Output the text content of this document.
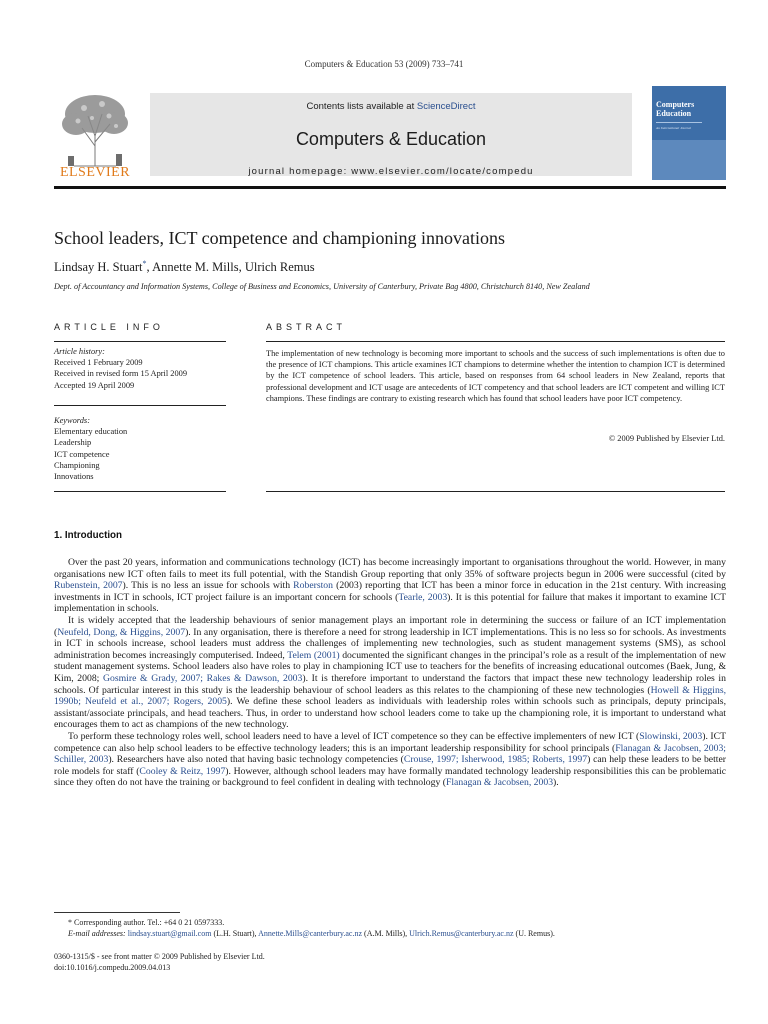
Computers & Education 53 (2009) 733–741
ELSEVIER
Contents lists available at ScienceDirect
Computers & Education
journal homepage: www.elsevier.com/locate/compedu
Computers Education
An International Journal
School leaders, ICT competence and championing innovations
Lindsay H. Stuart*, Annette M. Mills, Ulrich Remus
Dept. of Accountancy and Information Systems, College of Business and Economics, University of Canterbury, Private Bag 4800, Christchurch 8140, New Zealand
ARTICLE INFO	ABSTRACT
Article history:
Received 1 February 2009
Received in revised form 15 April 2009
Accepted 19 April 2009
Keywords:
Elementary education
Leadership
ICT competence
Championing
Innovations

The implementation of new technology is becoming more important to schools and the success of such implementations is often due to the presence of ICT champions. This article examines ICT champions to determine whether the intention to champion ICT is determined by the ICT competence of school leaders. This article, based on responses from 64 school leaders in New Zealand, reports that professional development and ICT usage are antecedents of ICT competency and that school leaders are ICT competent and willing ICT champions. These findings are contrary to existing research which has found that school leaders have poor ICT competency.

© 2009 Published by Elsevier Ltd.
1. Introduction

Over the past 20 years, information and communications technology (ICT) has become increasingly important to organisations throughout the world. However, in many organisations new ICT often fails to meet its full potential, with the Standish Group reporting that only 35% of software projects begun in 2006 were successful (cited by Rubenstein, 2007). This is no less an issue for schools with Roberston (2003) reporting that ICT has been a minor force in education in the 21st century. With increasing investments in ICT in schools, ICT project failure is an important concern for schools (Tearle, 2003). It is this potential for failure that makes it important to examine ICT implementation in schools.

It is widely accepted that the leadership behaviours of senior management plays an important role in determining the success or failure of an ICT implementation (Neufeld, Dong, & Higgins, 2007). In any organisation, there is therefore a need for strong leadership in ICT implementations. This is no less so for schools. As investments in ICT in schools increase, school leaders must address the challenges of implementing new technologies, such as student management systems (SMS), as school administration becomes increasingly computerised. Indeed, Telem (2001) documented the significant changes in the principal’s role as a result of the implementation of new student management systems. School leaders also have roles to play in championing ICT use to teachers for the benefits of increasing educational outcomes (Baek, Jung, & Kim, 2008; Gosmire & Grady, 2007; Rakes & Dawson, 2003). It is therefore important to understand the factors that impact these new technology leadership roles in schools. Of particular interest in this study is the leadership behaviour of school leaders as this relates to the championing of these new technologies (Howell & Higgins, 1990b; Neufeld et al., 2007; Rogers, 2005). We define these school leaders as individuals with leadership roles within schools such as principals, deputy principals, assistant/associate principals, and head teachers. Thus, in order to understand how school leaders come to take up the championing role, it is important to understand what encourages them to act as champions of the new technology.

To perform these technology roles well, school leaders need to have a level of ICT competence so they can be effective implementers of new ICT (Slowinski, 2003). ICT competence can also help school leaders to be effective technology leaders; this is an important leadership responsibility for school principals (Flanagan & Jacobsen, 2003; Schiller, 2003). Researchers have also noted that having basic technology competencies (Crouse, 1997; Isherwood, 1985; Roberts, 1997) can help these leaders to be better role models for staff (Cooley & Reitz, 1997). However, although school leaders may have formally mandated technology leadership responsibilities this can be problematic since they often do not have the training or background to feel confident in dealing with technology (Flanagan & Jacobsen, 2003).

* Corresponding author. Tel.: +64 0 21 0597333.
E-mail addresses: lindsay.stuart@gmail.com (L.H. Stuart), Annette.Mills@canterbury.ac.nz (A.M. Mills), Ulrich.Remus@canterbury.ac.nz (U. Remus).
0360-1315/$ - see front matter © 2009 Published by Elsevier Ltd.
doi:10.1016/j.compedu.2009.04.013
